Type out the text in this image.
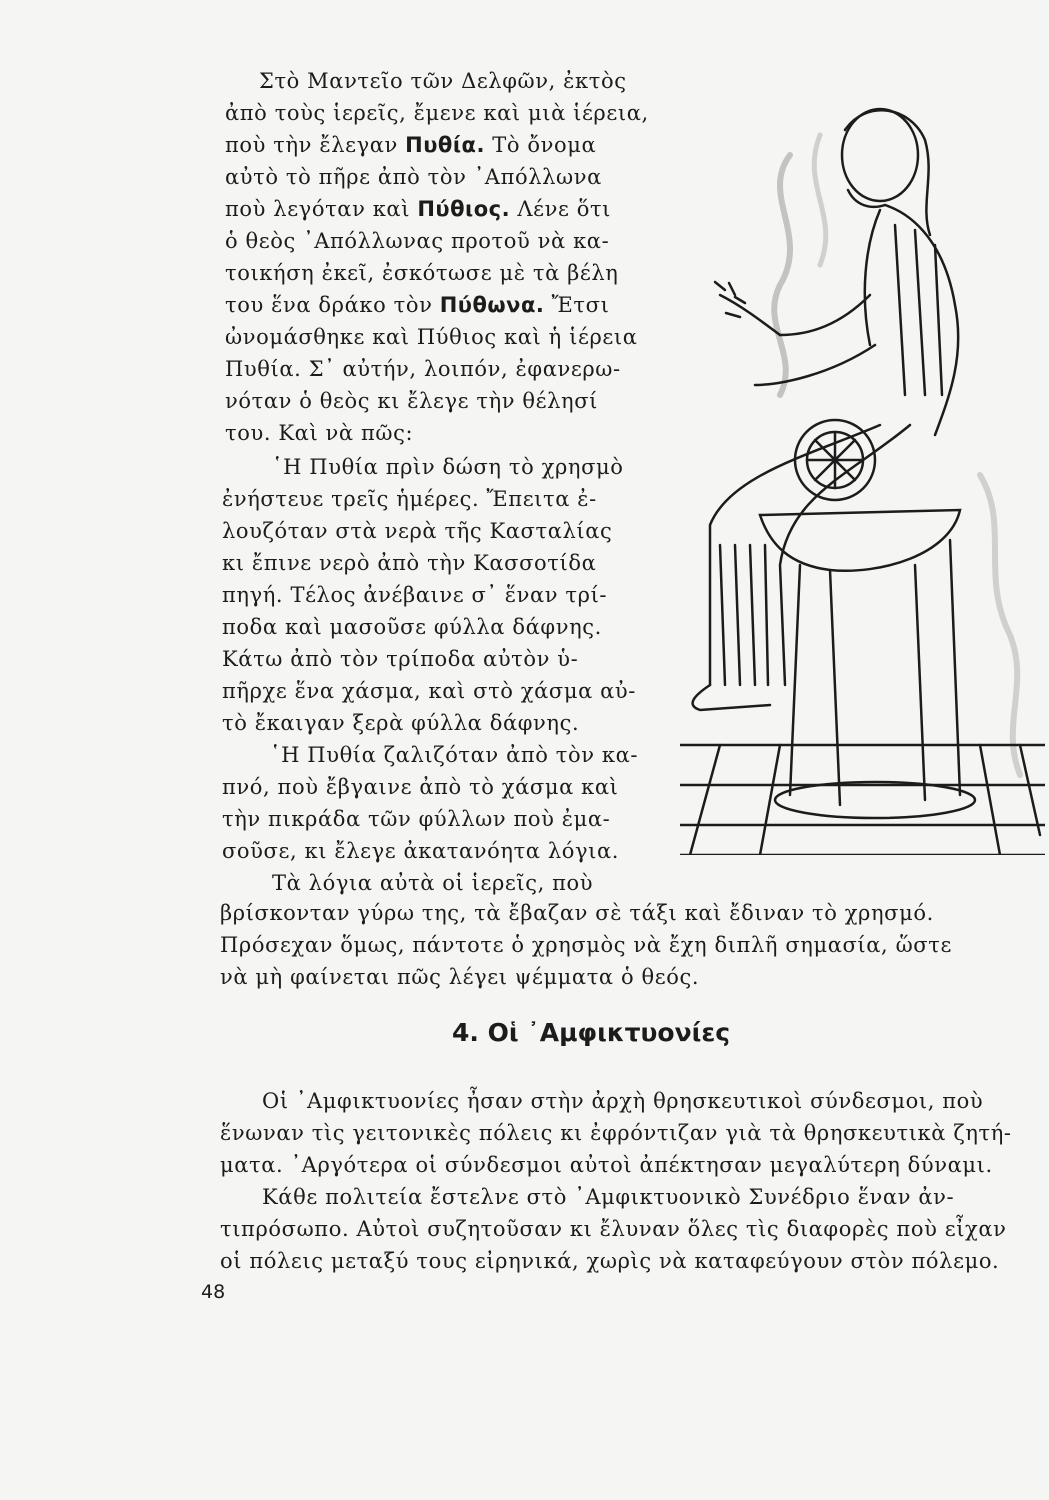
Στὸ Μαντεῖο τῶν Δελφῶν, ἐκτὸς
ἀπὸ τοὺς ἱερεῖς, ἔμενε καὶ μιὰ ἱέρεια,
ποὺ τὴν ἔλεγαν Πυθία. Τὸ ὄνομα
αὐτὸ τὸ πῆρε ἀπὸ τὸν ᾿Απόλλωνα
ποὺ λεγόταν καὶ Πύθιος. Λένε ὅτι
ὁ θεὸς ᾿Απόλλωνας προτοῦ νὰ κα-
τοικήση ἐκεῖ, ἐσκότωσε μὲ τὰ βέλη
του ἕνα δράκο τὸν Πύθωνα. Ἔτσι
ὠνομάσθηκε καὶ Πύθιος καὶ ἡ ἱέρεια
Πυθία. Σ᾿ αὐτήν, λοιπόν, ἐφανερω-
νόταν ὁ θεὸς κι ἔλεγε τὴν θέλησί
του. Καὶ νὰ πῶς:
῾Η Πυθία πρὶν δώση τὸ χρησμὸ
ἐνήστευε τρεῖς ἡμέρες. Ἔπειτα ἐ-
λουζόταν στὰ νερὰ τῆς Κασταλίας
κι ἔπινε νερὸ ἀπὸ τὴν Κασσοτίδα
πηγή. Τέλος ἀνέβαινε σ᾿ ἕναν τρί-
ποδα καὶ μασοῦσε φύλλα δάφνης.
Κάτω ἀπὸ τὸν τρίποδα αὐτὸν ὑ-
πῆρχε ἕνα χάσμα, καὶ στὸ χάσμα αὐ-
τὸ ἔκαιγαν ξερὰ φύλλα δάφνης.
῾Η Πυθία ζαλιζόταν ἀπὸ τὸν κα-
πνό, ποὺ ἔβγαινε ἀπὸ τὸ χάσμα καὶ
τὴν πικράδα τῶν φύλλων ποὺ ἐμα-
σοῦσε, κι ἔλεγε ἀκατανόητα λόγια.
Τὰ λόγια αὐτὰ οἱ ἱερεῖς, ποὺ
βρίσκονταν γύρω της, τὰ ἔβαζαν σὲ τάξι καὶ ἔδιναν τὸ χρησμό.
Πρόσεχαν ὅμως, πάντοτε ὁ χρησμὸς νὰ ἔχη διπλῆ σημασία, ὥστε
νὰ μὴ φαίνεται πῶς λέγει ψέμματα ὁ θεός.
4. Οἱ ᾿Αμφικτυονίες
Οἱ ᾿Αμφικτυονίες ἦσαν στὴν ἀρχὴ θρησκευτικοὶ σύνδεσμοι, ποὺ
ἕνωναν τὶς γειτονικὲς πόλεις κι ἐφρόντιζαν γιὰ τὰ θρησκευτικὰ ζητή-
ματα. ᾿Αργότερα οἱ σύνδεσμοι αὐτοὶ ἀπέκτησαν μεγαλύτερη δύναμι.
Κάθε πολιτεία ἔστελνε στὸ ᾿Αμφικτυονικὸ Συνέδριο ἕναν ἀν-
τιπρόσωπο. Αὐτοὶ συζητοῦσαν κι ἔλυναν ὅλες τὶς διαφορὲς ποὺ εἶχαν
οἱ πόλεις μεταξύ τους εἰρηνικά, χωρὶς νὰ καταφεύγουν στὸν πόλεμο.
48
